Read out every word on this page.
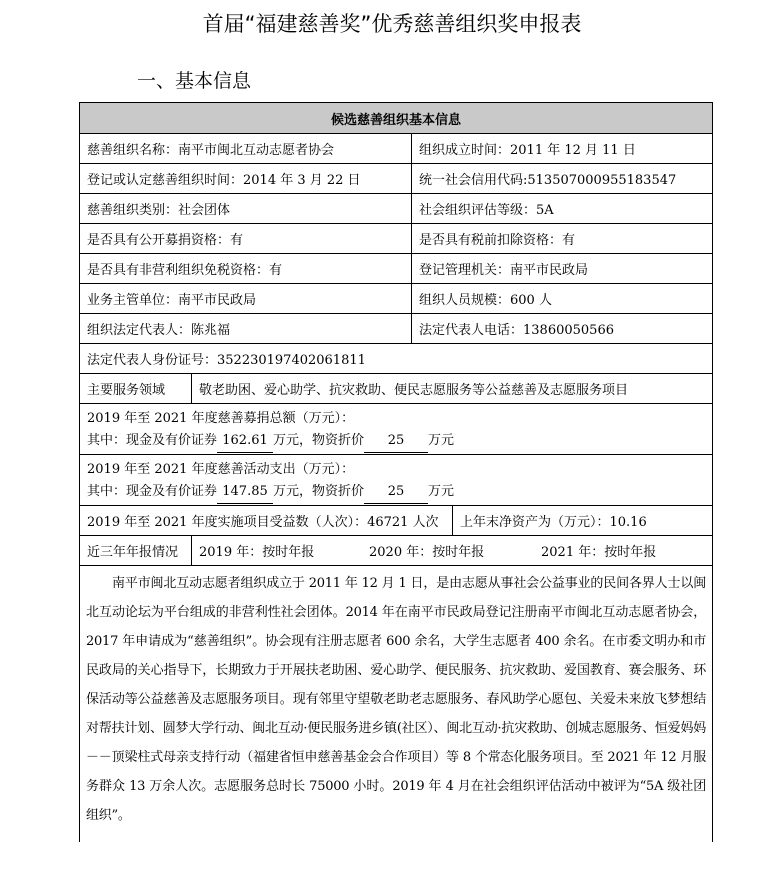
首届“福建慈善奖”优秀慈善组织奖申报表
一、基本信息
候选慈善组织基本信息
慈善组织名称：南平市闽北互动志愿者协会	组织成立时间：2011 年 12 月 11 日
登记或认定慈善组织时间：2014 年 3 月 22 日	统一社会信用代码:513507000955183547
慈善组织类别：社会团体	社会组织评估等级：5A
是否具有公开募捐资格：有	是否具有税前扣除资格：有
是否具有非营利组织免税资格：有	登记管理机关：南平市民政局
业务主管单位：南平市民政局	组织人员规模：600 人
组织法定代表人：陈兆福	法定代表人电话：13860050566
法定代表人身份证号：352230197402061811
主要服务领域	敬老助困、爱心助学、抗灾救助、便民志愿服务等公益慈善及志愿服务项目
2019 年至 2021 年度慈善募捐总额（万元）：
其中：现金及有价证券 162.61 万元，物资折价 25 万元
2019 年至 2021 年度慈善活动支出（万元）：
其中：现金及有价证券 147.85 万元，物资折价 25 万元
2019 年至 2021 年度实施项目受益数（人次）：46721 人次	上年末净资产为（万元）：10.16
近三年年报情况	2019 年：按时年报	2020 年：按时年报	2021 年：按时年报
南平市闽北互动志愿者组织成立于 2011 年 12 月 1 日，是由志愿从事社会公益事业的民间各界人士以闽北互动论坛为平台组成的非营利性社会团体。2014 年在南平市民政局登记注册南平市闽北互动志愿者协会，2017 年申请成为“慈善组织”。协会现有注册志愿者 600 余名，大学生志愿者 400 余名。在市委文明办和市民政局的关心指导下，长期致力于开展扶老助困、爱心助学、便民服务、抗灾救助、爱国教育、赛会服务、环保活动等公益慈善及志愿服务项目。现有邻里守望敬老助老志愿服务、春风助学心愿包、关爱未来放飞梦想结对帮扶计划、圆梦大学行动、闽北互动·便民服务进乡镇(社区）、闽北互动·抗灾救助、创城志愿服务、恒爱妈妈－－顶梁柱式母亲支持行动（福建省恒申慈善基金会合作项目）等 8 个常态化服务项目。至 2021 年 12 月服务群众 13 万余人次。志愿服务总时长 75000 小时。2019 年 4 月在社会组织评估活动中被评为“5A 级社团组织”。
